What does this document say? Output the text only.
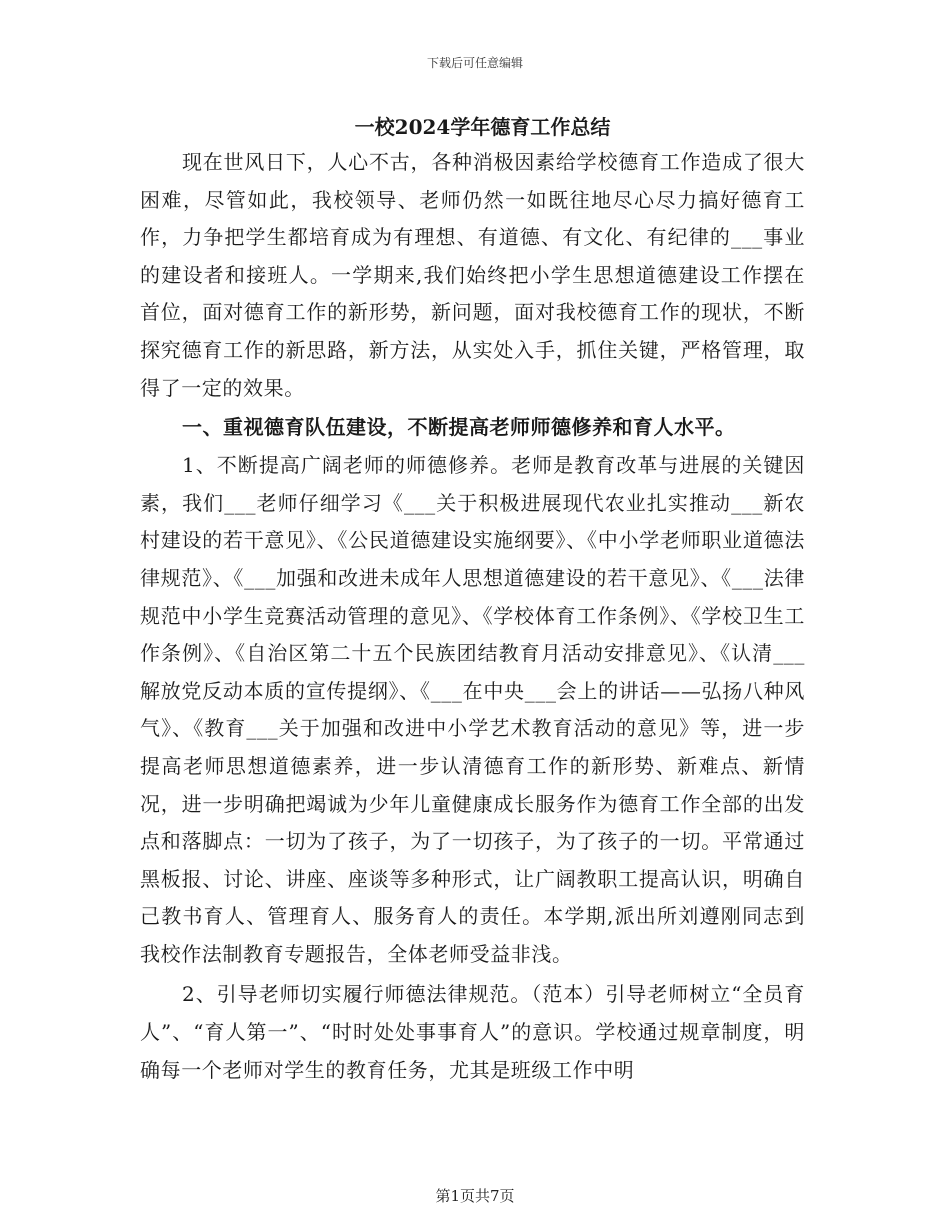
下载后可任意编辑
一校2024学年德育工作总结

现在世风日下，人心不古，各种消极因素给学校德育工作造成了很大困难，尽管如此，我校领导、老师仍然一如既往地尽心尽力搞好德育工作，力争把学生都培育成为有理想、有道德、有文化、有纪律的___事业的建设者和接班人。一学期来,我们始终把小学生思想道德建设工作摆在首位，面对德育工作的新形势，新问题，面对我校德育工作的现状，不断探究德育工作的新思路，新方法，从实处入手，抓住关键，严格管理，取得了一定的效果。

一、重视德育队伍建设，不断提高老师师德修养和育人水平。

1、不断提高广阔老师的师德修养。老师是教育改革与进展的关键因素，我们___老师仔细学习《___关于积极进展现代农业扎实推动___新农村建设的若干意见》、《公民道德建设实施纲要》、《中小学老师职业道德法律规范》、《___加强和改进未成年人思想道德建设的若干意见》、《___法律规范中小学生竞赛活动管理的意见》、《学校体育工作条例》、《学校卫生工作条例》、《自治区第二十五个民族团结教育月活动安排意见》、《认清___解放党反动本质的宣传提纲》、《___在中央___会上的讲话——弘扬八种风气》、《教育___关于加强和改进中小学艺术教育活动的意见》等，进一步提高老师思想道德素养，进一步认清德育工作的新形势、新难点、新情况，进一步明确把竭诚为少年儿童健康成长服务作为德育工作全部的出发点和落脚点：一切为了孩子，为了一切孩子，为了孩子的一切。平常通过黑板报、讨论、讲座、座谈等多种形式，让广阔教职工提高认识，明确自己教书育人、管理育人、服务育人的责任。本学期,派出所刘遵刚同志到我校作法制教育专题报告，全体老师受益非浅。

2、引导老师切实履行师德法律规范。（范本）引导老师树立“全员育人”、“育人第一”、“时时处处事事育人”的意识。学校通过规章制度，明确每一个老师对学生的教育任务，尤其是班级工作中明

第1页共7页
